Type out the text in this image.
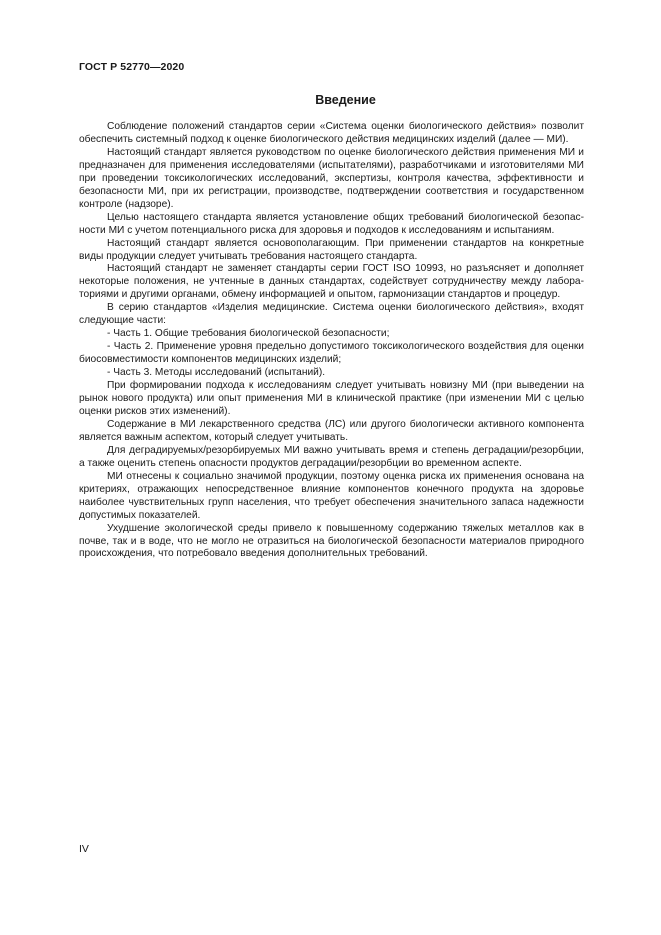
ГОСТ Р 52770—2020
Введение

Соблюдение положений стандартов серии «Система оценки биологического действия» позволит обеспечить системный подход к оценке биологического действия медицинских изделий (далее — МИ).

Настоящий стандарт является руководством по оценке биологического действия применения МИ и предназначен для применения исследователями (испытателями), разработчиками и изготовителями МИ при проведении токсикологических исследований, экспертизы, контроля качества, эффективности и безопасности МИ, при их регистрации, производстве, подтверждении соответствия и государственном контроле (надзоре).

Целью настоящего стандарта является установление общих требований биологической безопасности МИ с учетом потенциального риска для здоровья и подходов к исследованиям и испытаниям.

Настоящий стандарт является основополагающим. При применении стандартов на конкретные виды продукции следует учитывать требования настоящего стандарта.

Настоящий стандарт не заменяет стандарты серии ГОСТ ISO 10993, но разъясняет и дополняет некоторые положения, не учтенные в данных стандартах, содействует сотрудничеству между лабораториями и другими органами, обмену информацией и опытом, гармонизации стандартов и процедур.

В серию стандартов «Изделия медицинские. Система оценки биологического действия», входят следующие части:

- Часть 1. Общие требования биологической безопасности;

- Часть 2. Применение уровня предельно допустимого токсикологического воздействия для оценки биосовместимости компонентов медицинских изделий;

- Часть 3. Методы исследований (испытаний).

При формировании подхода к исследованиям следует учитывать новизну МИ (при выведении на рынок нового продукта) или опыт применения МИ в клинической практике (при изменении МИ с целью оценки рисков этих изменений).

Содержание в МИ лекарственного средства (ЛС) или другого биологически активного компонента является важным аспектом, который следует учитывать.

Для деградируемых/резорбируемых МИ важно учитывать время и степень деградации/резорбции, а также оценить степень опасности продуктов деградации/резорбции во временном аспекте.

МИ отнесены к социально значимой продукции, поэтому оценка риска их применения основана на критериях, отражающих непосредственное влияние компонентов конечного продукта на здоровье наиболее чувствительных групп населения, что требует обеспечения значительного запаса надежности допустимых показателей.

Ухудшение экологической среды привело к повышенному содержанию тяжелых металлов как в почве, так и в воде, что не могло не отразиться на биологической безопасности материалов природного происхождения, что потребовало введения дополнительных требований.

IV
